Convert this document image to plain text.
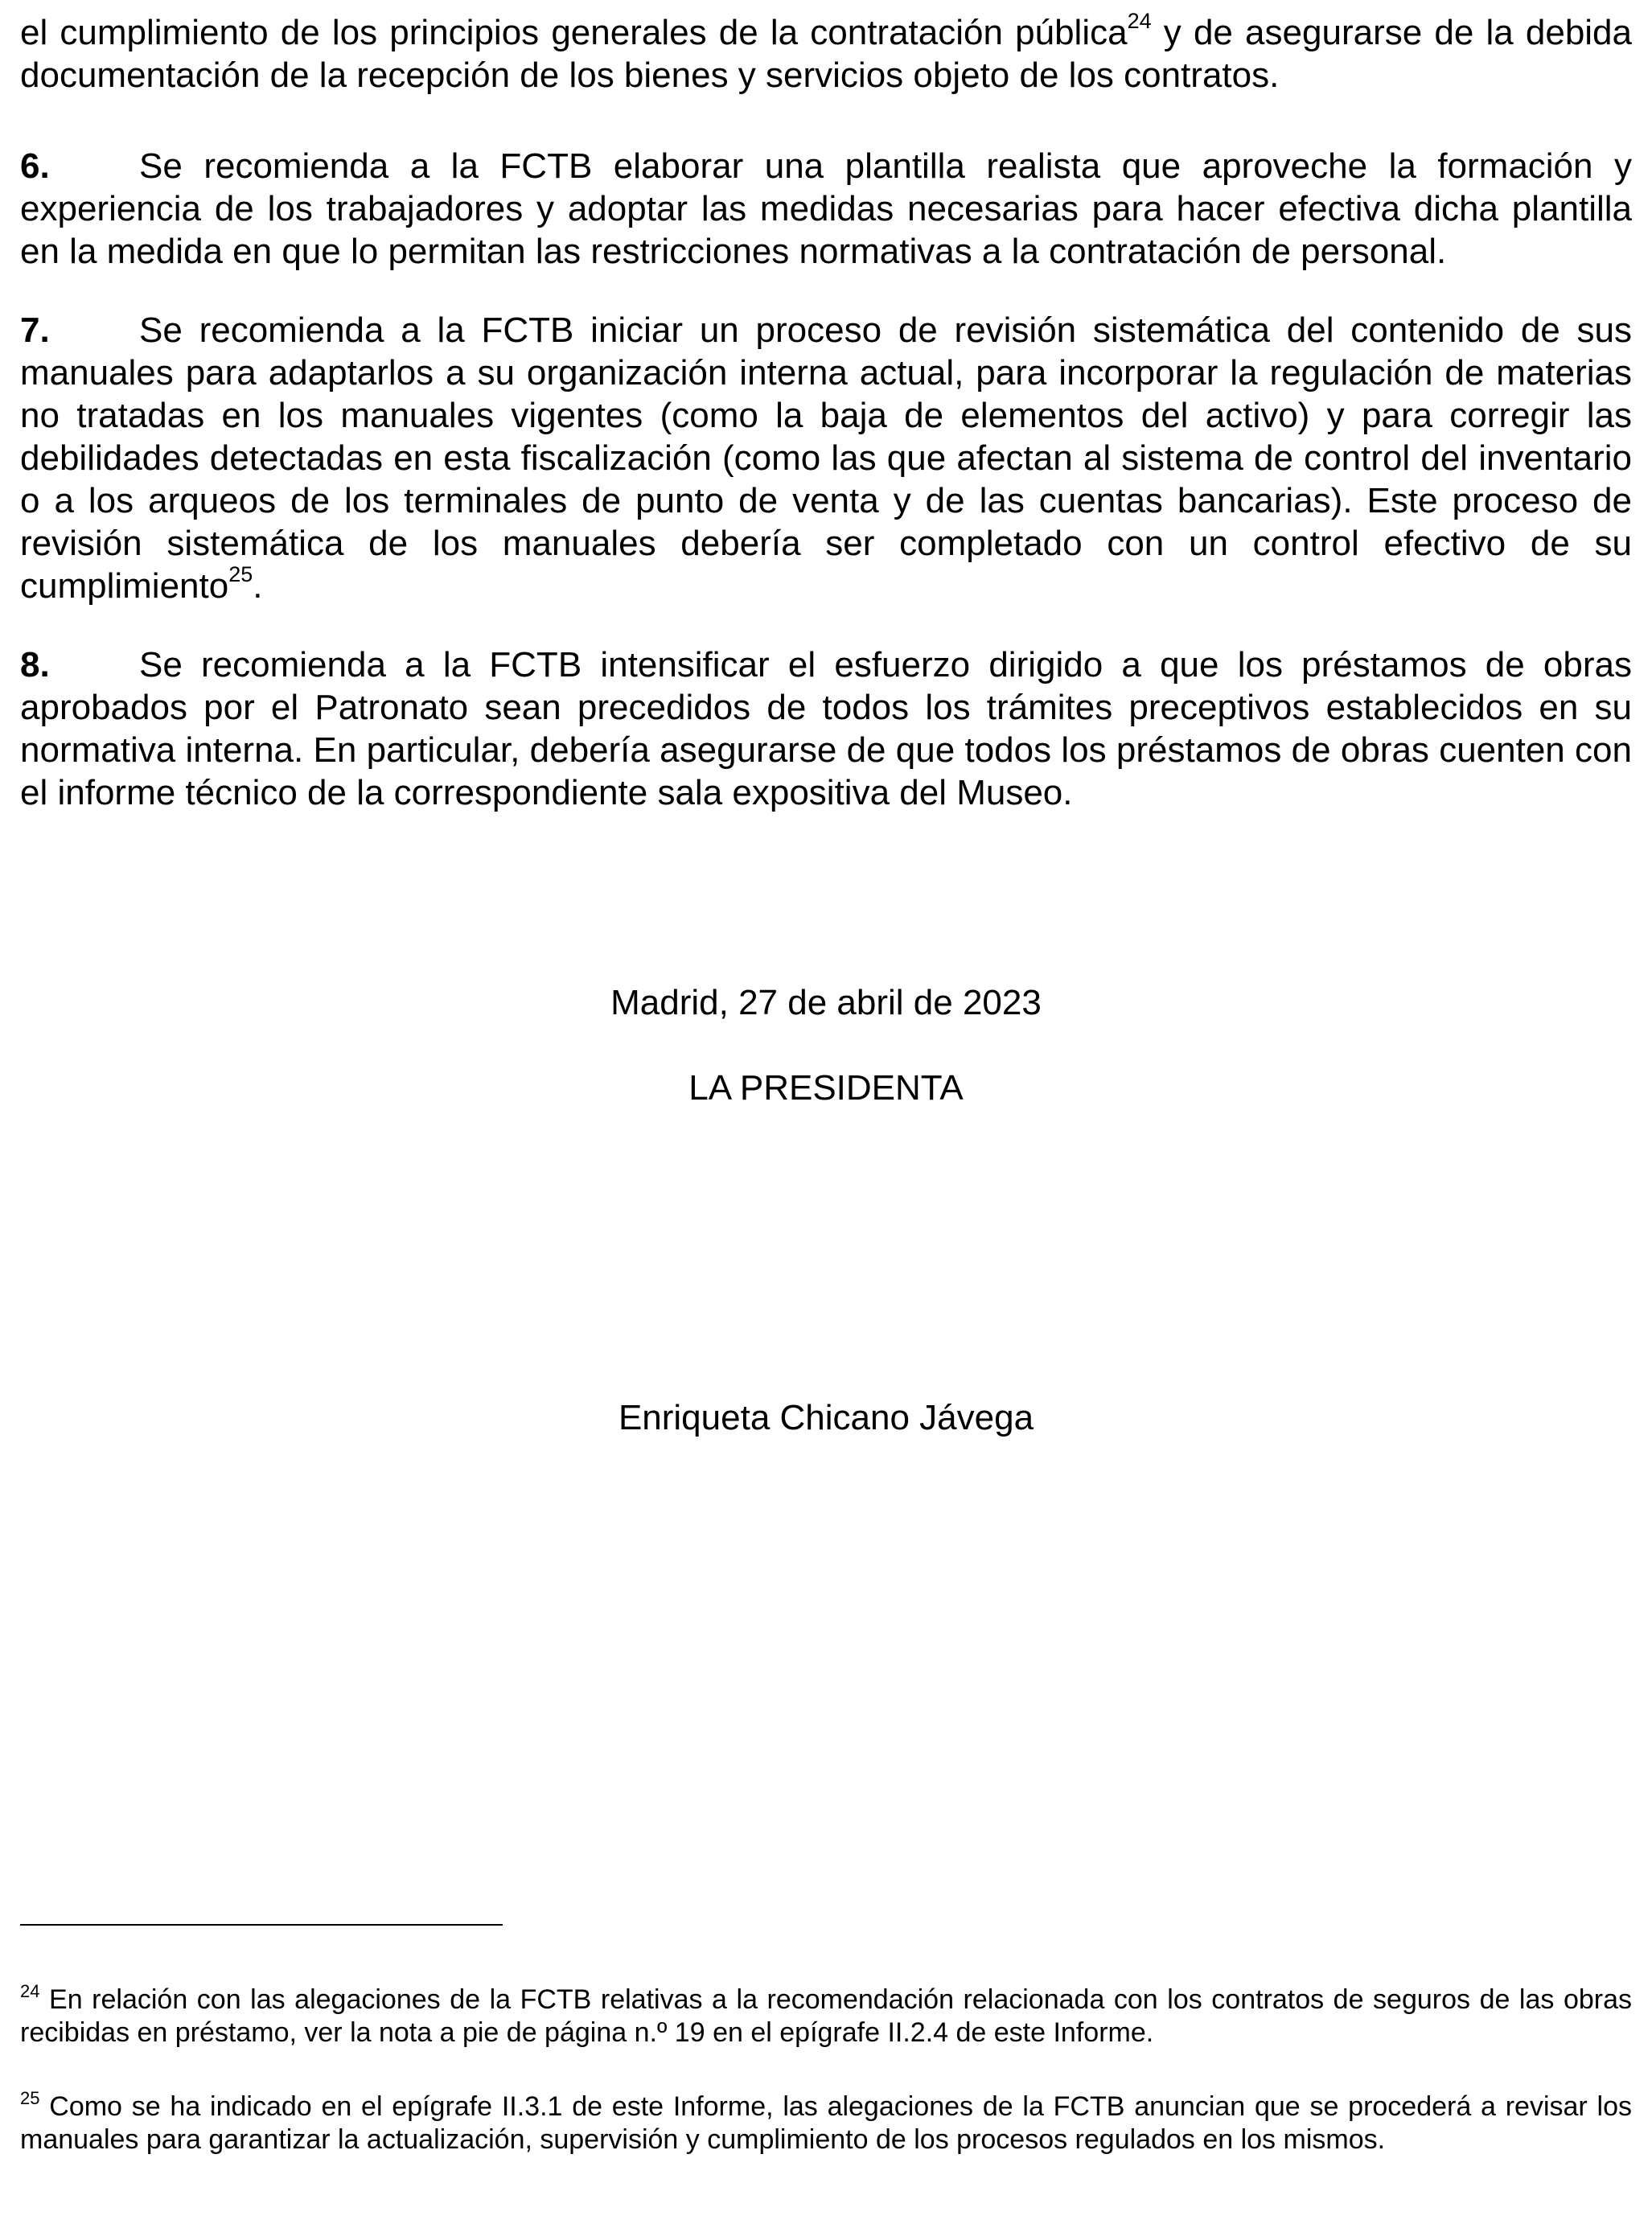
el cumplimiento de los principios generales de la contratación pública$^{24}$ y de asegurarse de la debida documentación de la recepción de los bienes y servicios objeto de los contratos.

6.	Se recomienda a la FCTB elaborar una plantilla realista que aproveche la formación y experiencia de los trabajadores y adoptar las medidas necesarias para hacer efectiva dicha plantilla en la medida en que lo permitan las restricciones normativas a la contratación de personal.

7.	Se recomienda a la FCTB iniciar un proceso de revisión sistemática del contenido de sus manuales para adaptarlos a su organización interna actual, para incorporar la regulación de materias no tratadas en los manuales vigentes (como la baja de elementos del activo) y para corregir las debilidades detectadas en esta fiscalización (como las que afectan al sistema de control del inventario o a los arqueos de los terminales de punto de venta y de las cuentas bancarias). Este proceso de revisión sistemática de los manuales debería ser completado con un control efectivo de su cumplimiento$^{25}$.

8.	Se recomienda a la FCTB intensificar el esfuerzo dirigido a que los préstamos de obras aprobados por el Patronato sean precedidos de todos los trámites preceptivos establecidos en su normativa interna. En particular, debería asegurarse de que todos los préstamos de obras cuenten con el informe técnico de la correspondiente sala expositiva del Museo.

Madrid, 27 de abril de 2023

LA PRESIDENTA

Enriqueta Chicano Jávega

$^{24}$ En relación con las alegaciones de la FCTB relativas a la recomendación relacionada con los contratos de seguros de las obras recibidas en préstamo, ver la nota a pie de página n.º 19 en el epígrafe II.2.4 de este Informe.

$^{25}$ Como se ha indicado en el epígrafe II.3.1 de este Informe, las alegaciones de la FCTB anuncian que se procederá a revisar los manuales para garantizar la actualización, supervisión y cumplimiento de los procesos regulados en los mismos.
